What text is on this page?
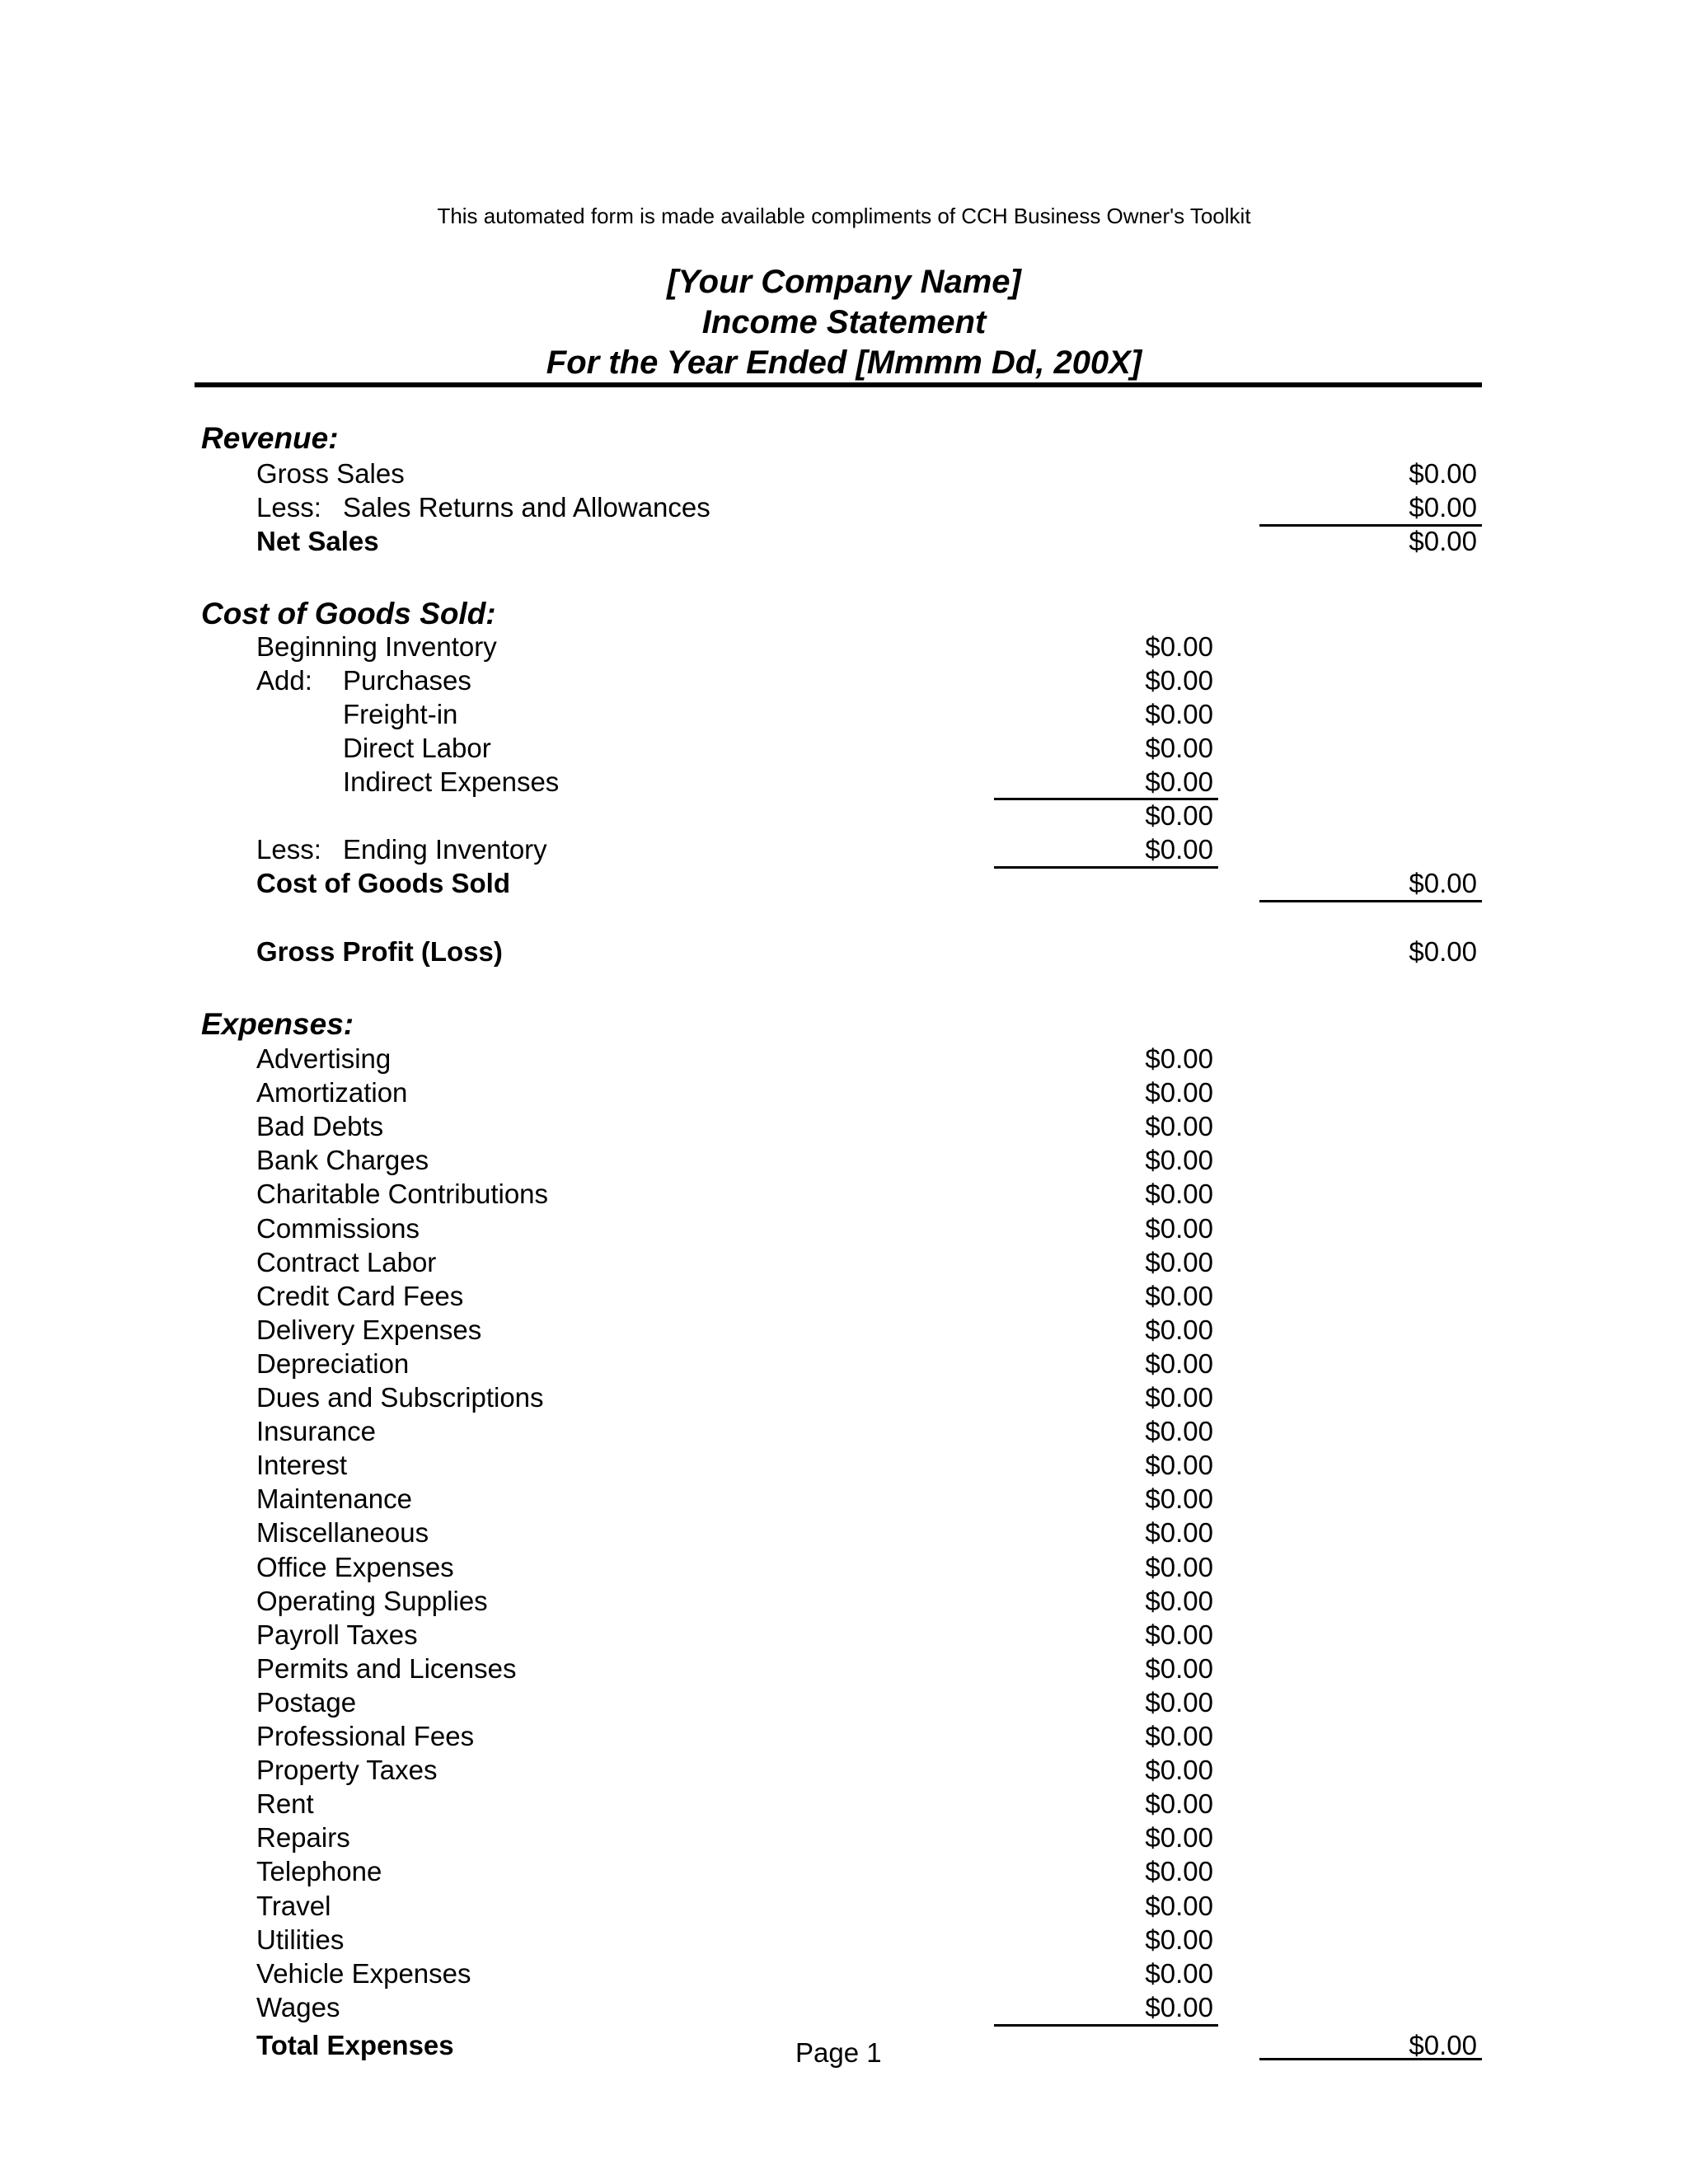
This automated form is made available compliments of CCH Business Owner's Toolkit
[Your Company Name]
Income Statement
For the Year Ended [Mmmm Dd, 200X]
Revenue:
Gross Sales	$0.00
Less: Sales Returns and Allowances	$0.00
Net Sales	$0.00
Cost of Goods Sold:
Beginning Inventory	$0.00
Add: Purchases	$0.00
Freight-in	$0.00
Direct Labor	$0.00
Indirect Expenses	$0.00
$0.00
Less: Ending Inventory	$0.00
Cost of Goods Sold	$0.00
Gross Profit (Loss)	$0.00
Expenses:
Advertising	$0.00
Amortization	$0.00
Bad Debts	$0.00
Bank Charges	$0.00
Charitable Contributions	$0.00
Commissions	$0.00
Contract Labor	$0.00
Credit Card Fees	$0.00
Delivery Expenses	$0.00
Depreciation	$0.00
Dues and Subscriptions	$0.00
Insurance	$0.00
Interest	$0.00
Maintenance	$0.00
Miscellaneous	$0.00
Office Expenses	$0.00
Operating Supplies	$0.00
Payroll Taxes	$0.00
Permits and Licenses	$0.00
Postage	$0.00
Professional Fees	$0.00
Property Taxes	$0.00
Rent	$0.00
Repairs	$0.00
Telephone	$0.00
Travel	$0.00
Utilities	$0.00
Vehicle Expenses	$0.00
Wages	$0.00
Total Expenses	$0.00
Page 1
